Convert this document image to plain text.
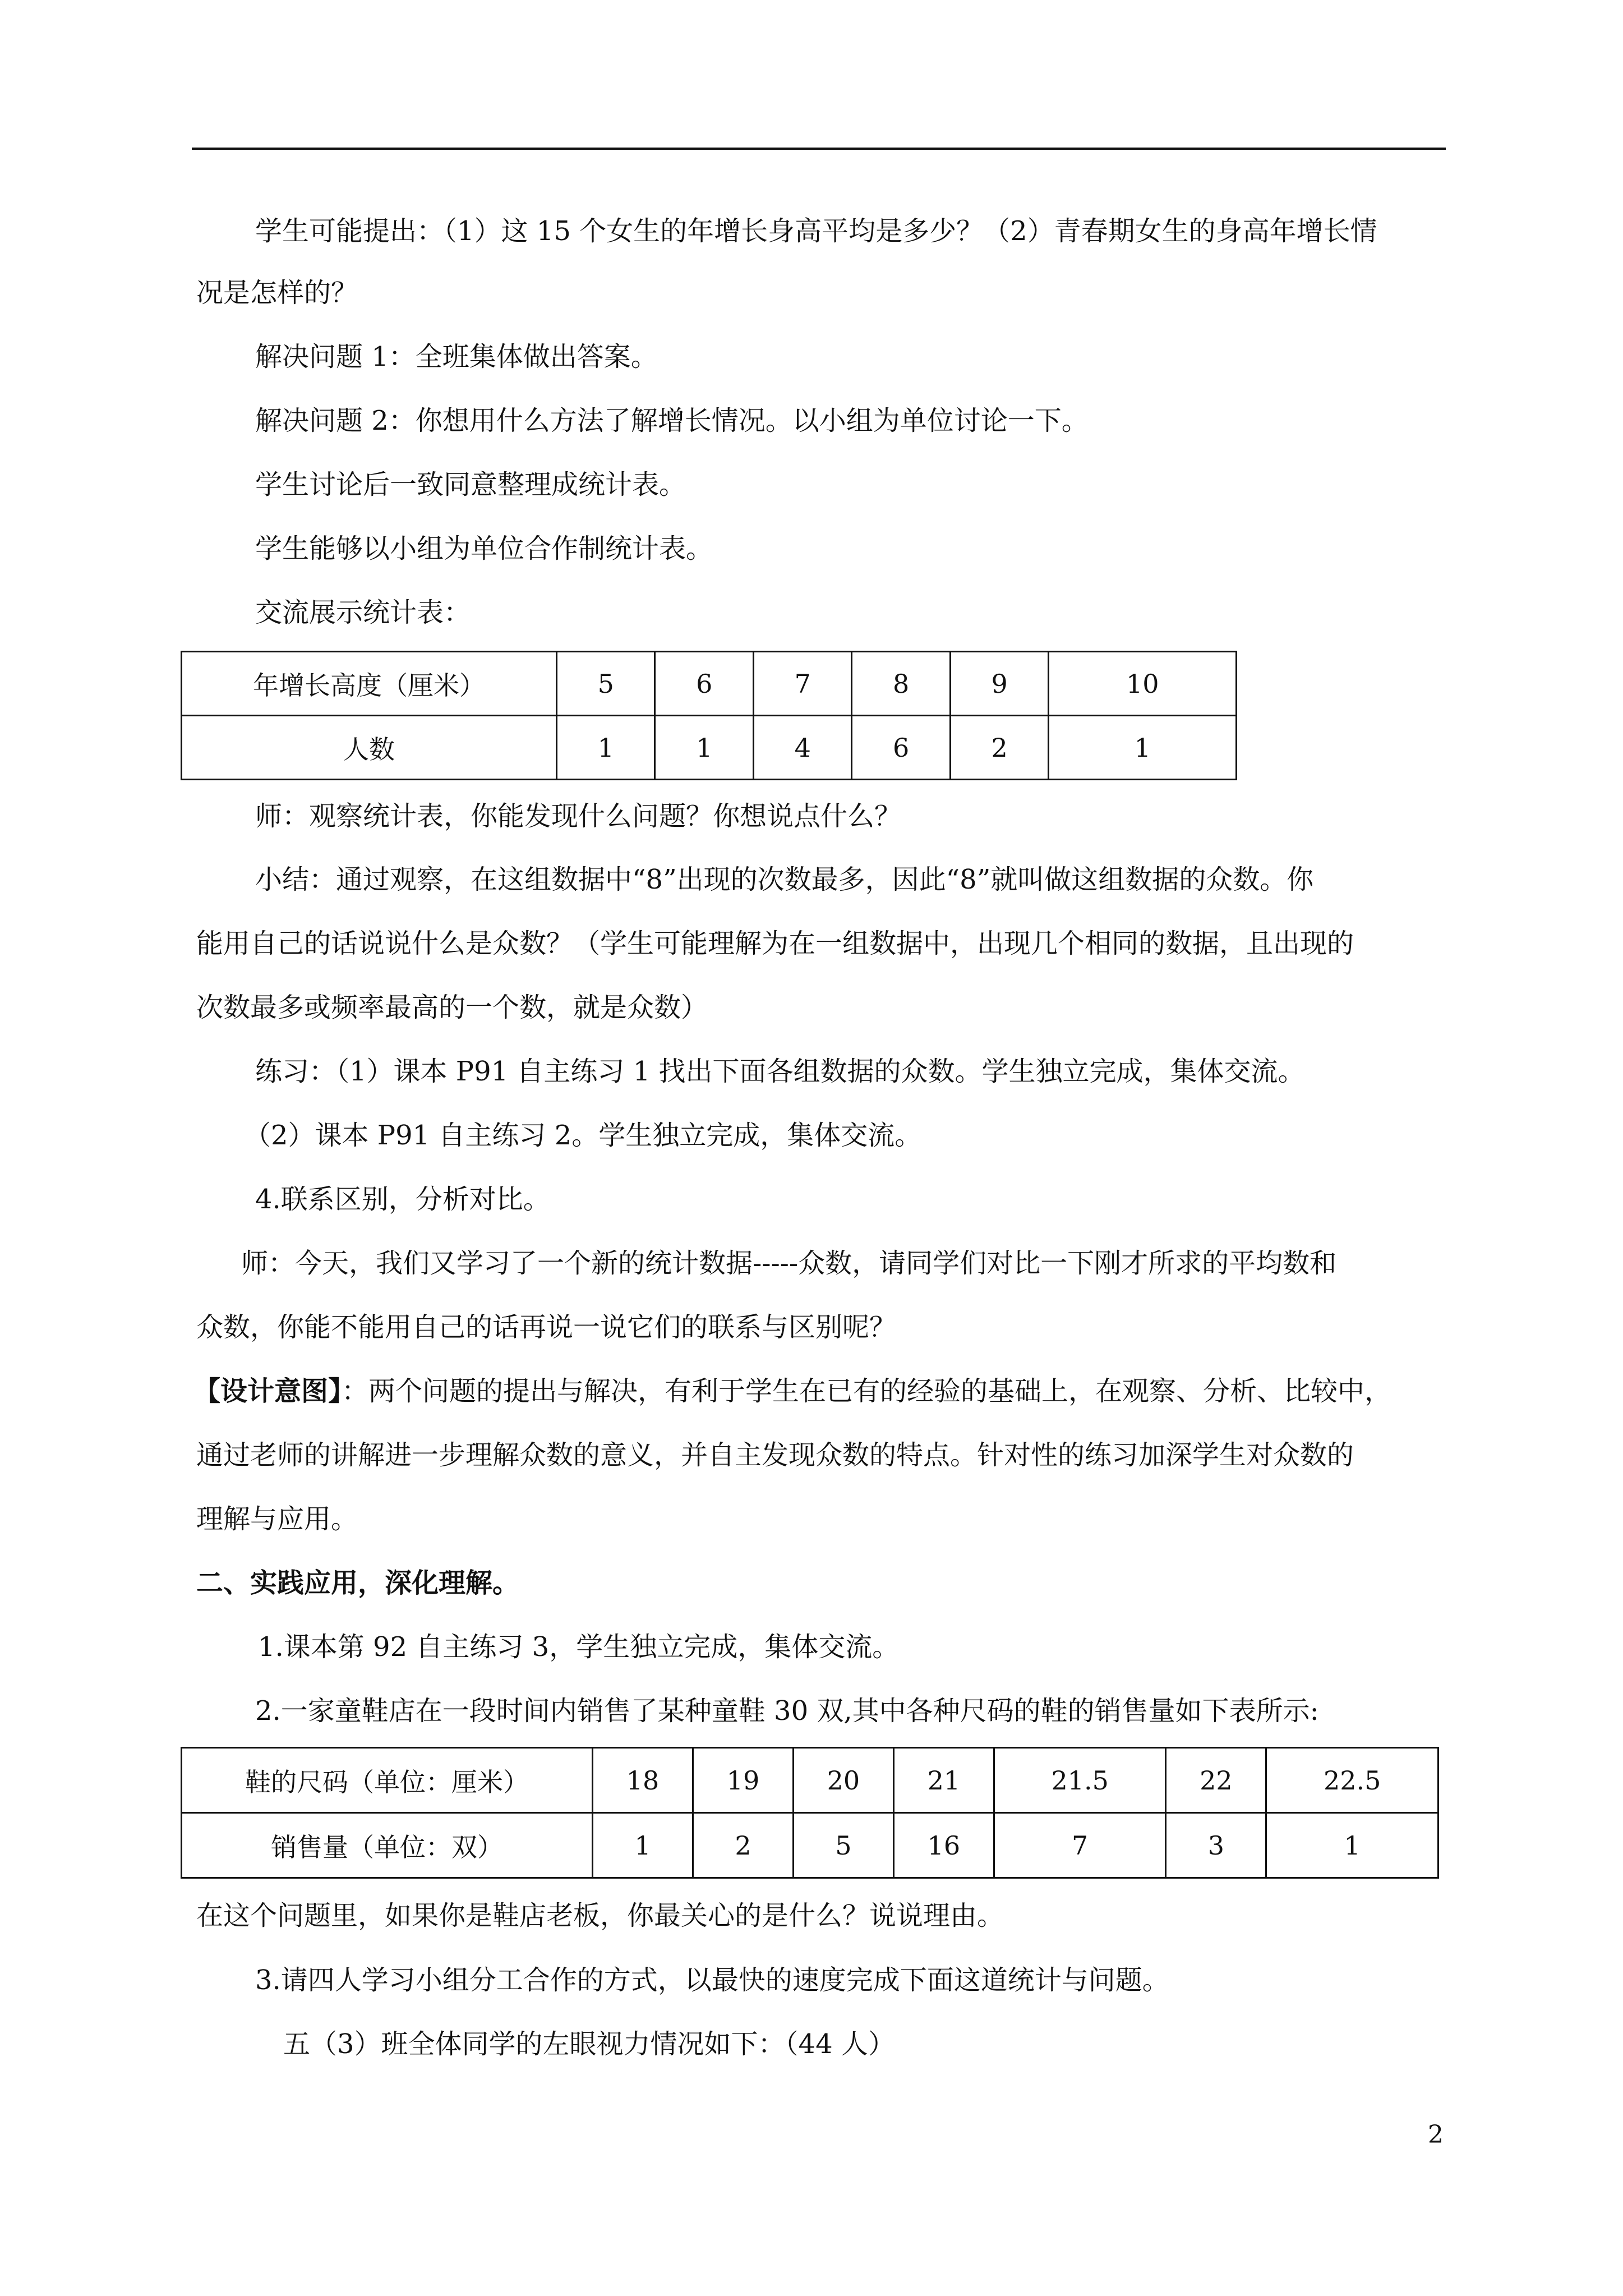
学生可能提出：（1）这 15 个女生的年增长身高平均是多少？（2）青春期女生的身高年增长情
况是怎样的？
解决问题 1：全班集体做出答案。
解决问题 2：你想用什么方法了解增长情况。以小组为单位讨论一下。
学生讨论后一致同意整理成统计表。
学生能够以小组为单位合作制统计表。
交流展示统计表：
年增长高度（厘米）	5	6	7	8	9	10
人数	1	1	4	6	2	1
师：观察统计表，你能发现什么问题？你想说点什么？
小结：通过观察，在这组数据中“8”出现的次数最多，因此“8”就叫做这组数据的众数。你
能用自己的话说说什么是众数？（学生可能理解为在一组数据中，出现几个相同的数据，且出现的
次数最多或频率最高的一个数，就是众数）
练习：（1）课本 P91 自主练习 1 找出下面各组数据的众数。学生独立完成，集体交流。
（2）课本 P91 自主练习 2。学生独立完成，集体交流。
4.联系区别，分析对比。
师：今天，我们又学习了一个新的统计数据-----众数，请同学们对比一下刚才所求的平均数和
众数，你能不能用自己的话再说一说它们的联系与区别呢？
【设计意图】：两个问题的提出与解决，有利于学生在已有的经验的基础上，在观察、分析、比较中，
通过老师的讲解进一步理解众数的意义，并自主发现众数的特点。针对性的练习加深学生对众数的
理解与应用。
二、实践应用，深化理解。
1.课本第 92 自主练习 3，学生独立完成，集体交流。
2.一家童鞋店在一段时间内销售了某种童鞋 30 双,其中各种尺码的鞋的销售量如下表所示:
鞋的尺码（单位：厘米）	18	19	20	21	21.5	22	22.5
销售量（单位：双）	1	2	5	16	7	3	1
在这个问题里，如果你是鞋店老板，你最关心的是什么？说说理由。
3.请四人学习小组分工合作的方式，以最快的速度完成下面这道统计与问题。
五（3）班全体同学的左眼视力情况如下：（44 人）
2
